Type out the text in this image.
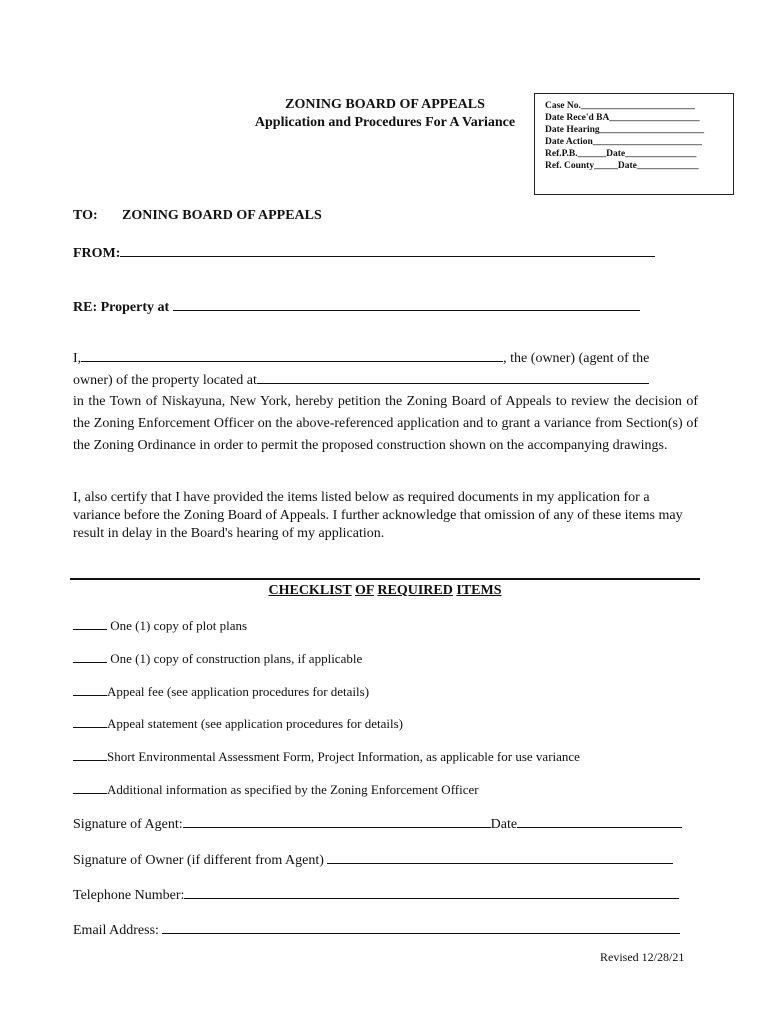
ZONING BOARD OF APPEALS
Application and Procedures For A Variance
Case No.________________________
Date Rece'd BA___________________
Date Hearing______________________
Date Action_______________________
Ref.P.B.______Date_______________
Ref. County_____Date_____________
TO: ZONING BOARD OF APPEALS
FROM:
RE: Property at
I,	, the (owner) (agent of the
owner) of the property located at
in the Town of Niskayuna, New York, hereby petition the Zoning Board of Appeals to review the decision of the Zoning Enforcement Officer on the above-referenced application and to grant a variance from Section(s) of the Zoning Ordinance in order to permit the proposed construction shown on the accompanying drawings.
I, also certify that I have provided the items listed below as required documents in my application for a variance before the Zoning Board of Appeals. I further acknowledge that omission of any of these items may result in delay in the Board's hearing of my application.
CHECKLIST OF REQUIRED ITEMS
One (1) copy of plot plans
One (1) copy of construction plans, if applicable
Appeal fee (see application procedures for details)
Appeal statement (see application procedures for details)
Short Environmental Assessment Form, Project Information, as applicable for use variance
Additional information as specified by the Zoning Enforcement Officer
Signature of Agent:	Date
Signature of Owner (if different from Agent)
Telephone Number:
Email Address:
Revised 12/28/21
